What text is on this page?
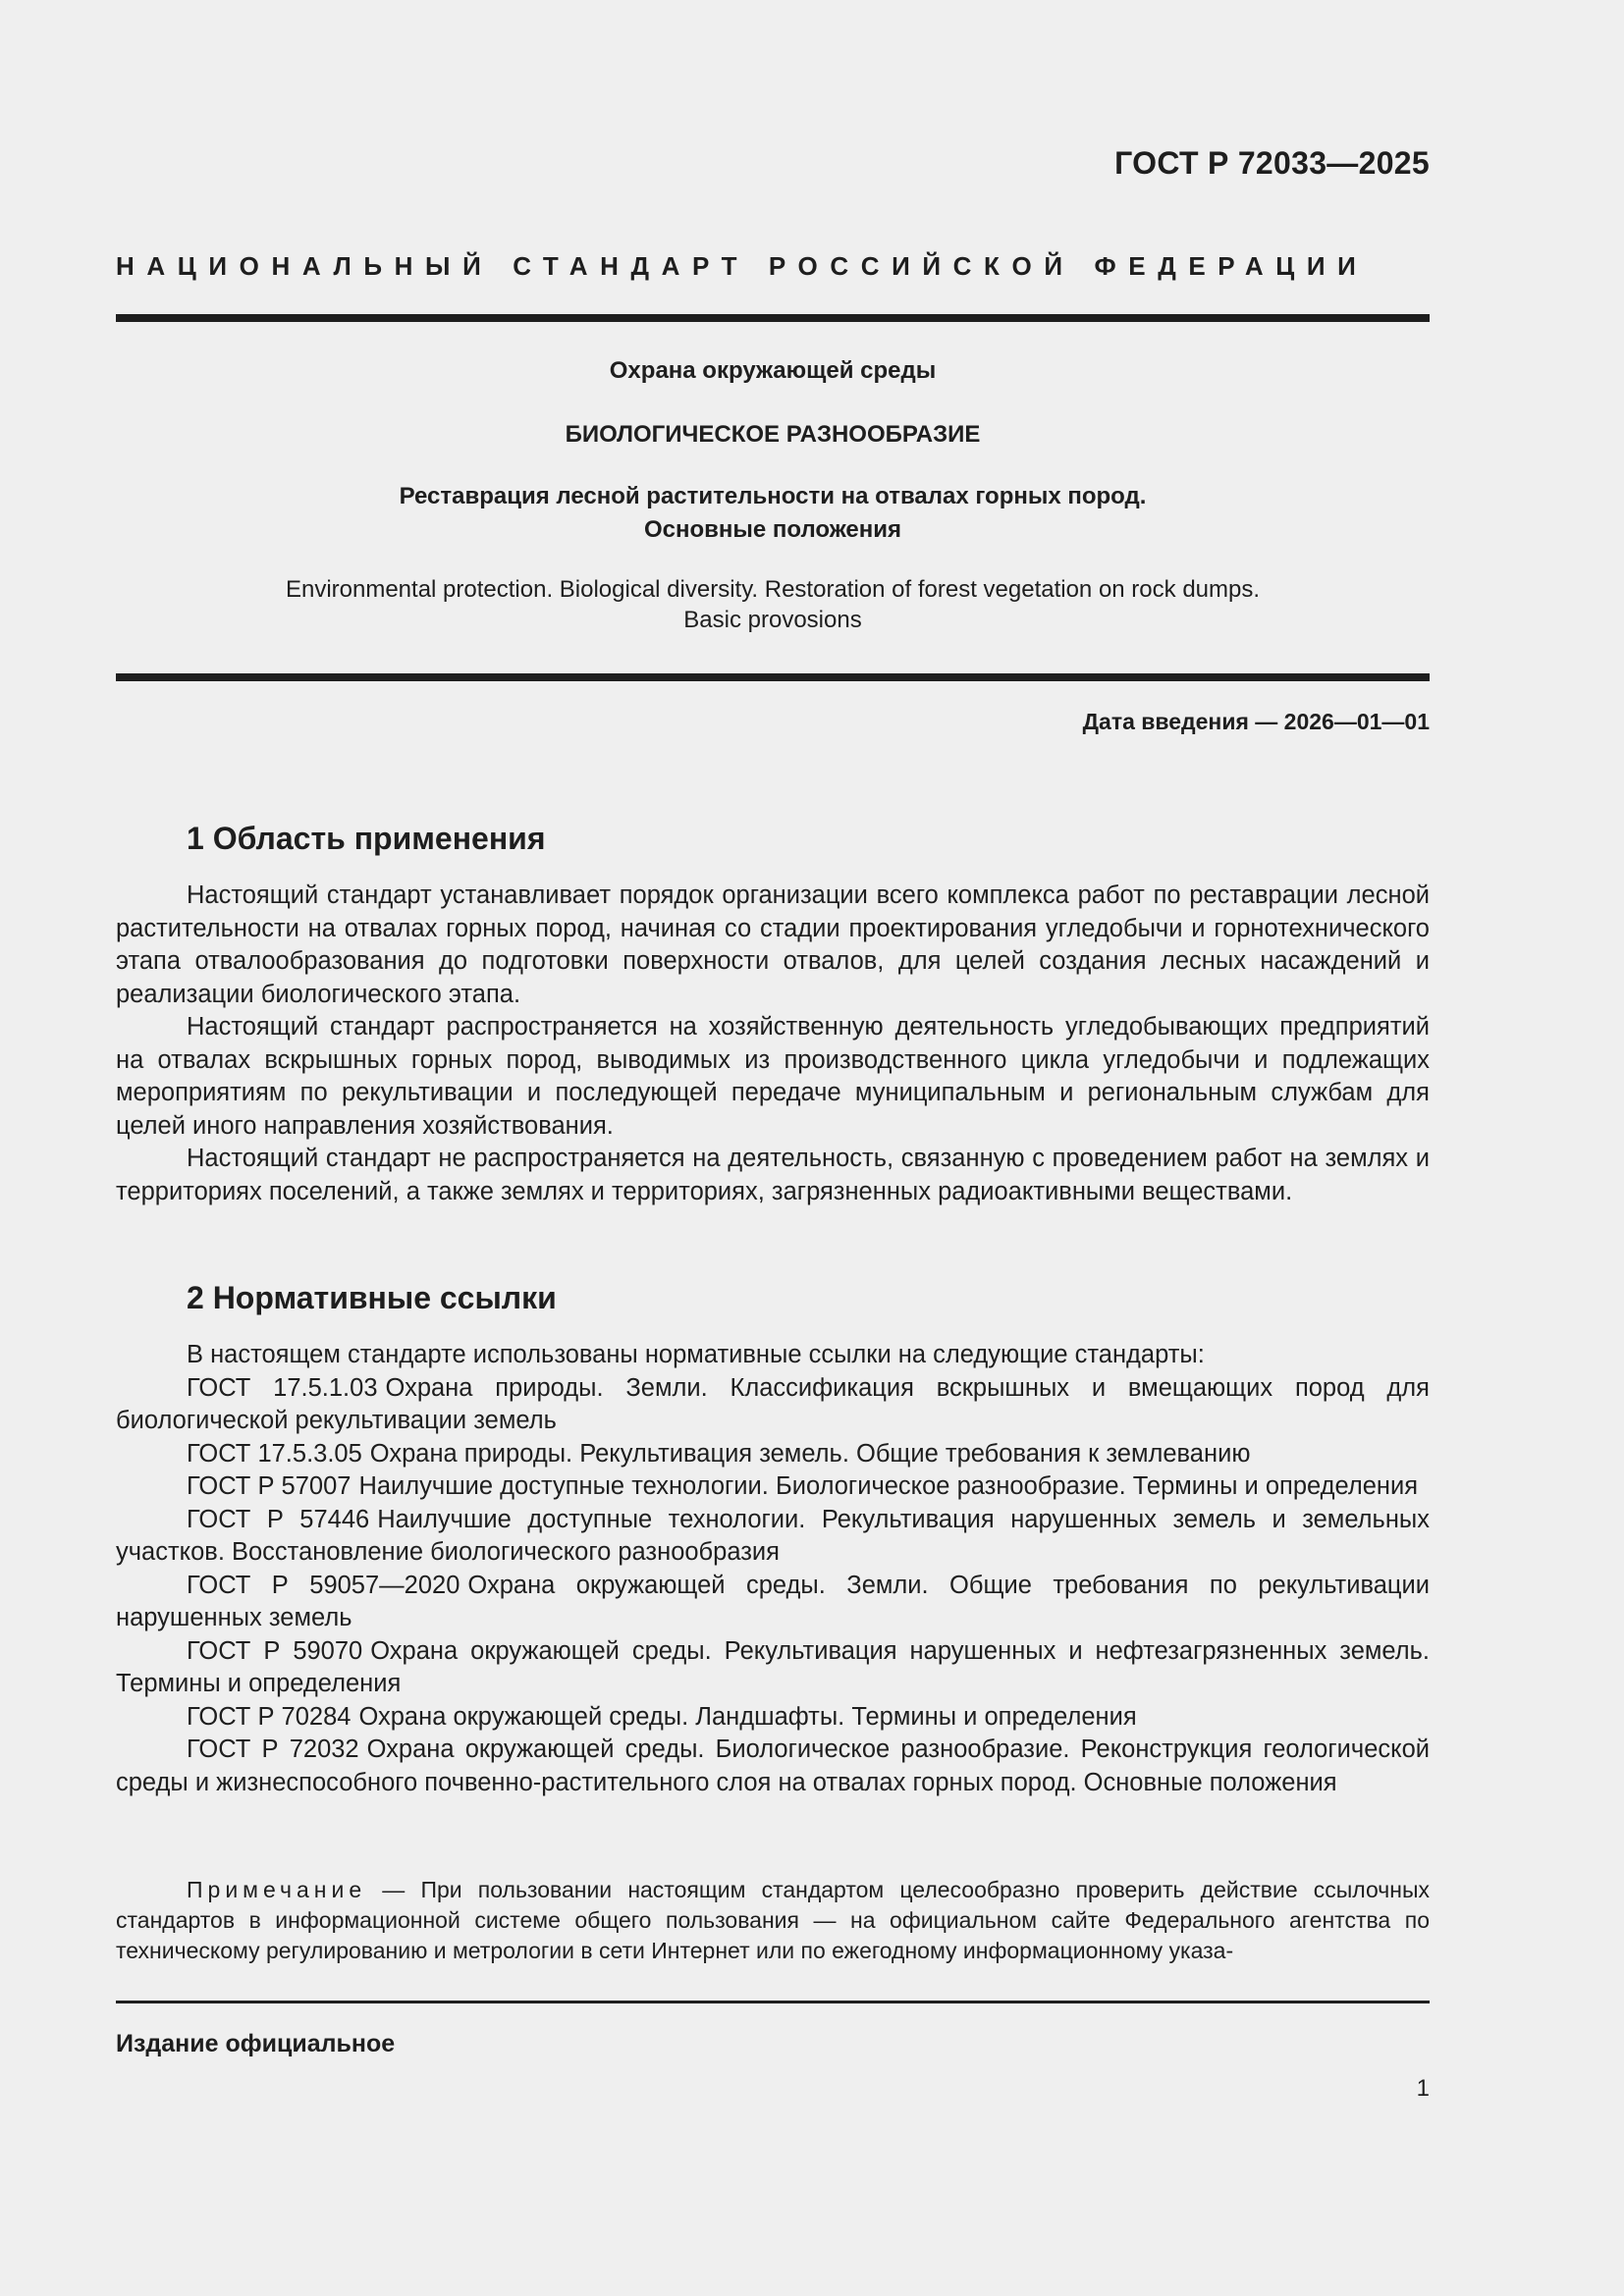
ГОСТ Р 72033—2025
НАЦИОНАЛЬНЫЙ СТАНДАРТ РОССИЙСКОЙ ФЕДЕРАЦИИ
Охрана окружающей среды
БИОЛОГИЧЕСКОЕ РАЗНООБРАЗИЕ
Реставрация лесной растительности на отвалах горных пород.
Основные положения
Environmental protection. Biological diversity. Restoration of forest vegetation on rock dumps.
Basic provosions
Дата введения — 2026—01—01
1 Область применения

Настоящий стандарт устанавливает порядок организации всего комплекса работ по реставрации лесной растительности на отвалах горных пород, начиная со стадии проектирования угледобычи и горнотехнического этапа отвалообразования до подготовки поверхности отвалов, для целей создания лесных насаждений и реализации биологического этапа.

Настоящий стандарт распространяется на хозяйственную деятельность угледобывающих предприятий на отвалах вскрышных горных пород, выводимых из производственного цикла угледобычи и подлежащих мероприятиям по рекультивации и последующей передаче муниципальным и региональным службам для целей иного направления хозяйствования.

Настоящий стандарт не распространяется на деятельность, связанную с проведением работ на землях и территориях поселений, а также землях и территориях, загрязненных радиоактивными веществами.

2 Нормативные ссылки

В настоящем стандарте использованы нормативные ссылки на следующие стандарты:

ГОСТ 17.5.1.03 Охрана природы. Земли. Классификация вскрышных и вмещающих пород для биологической рекультивации земель

ГОСТ 17.5.3.05 Охрана природы. Рекультивация земель. Общие требования к землеванию

ГОСТ Р 57007 Наилучшие доступные технологии. Биологическое разнообразие. Термины и определения

ГОСТ Р 57446 Наилучшие доступные технологии. Рекультивация нарушенных земель и земельных участков. Восстановление биологического разнообразия

ГОСТ Р 59057—2020 Охрана окружающей среды. Земли. Общие требования по рекультивации нарушенных земель

ГОСТ Р 59070 Охрана окружающей среды. Рекультивация нарушенных и нефтезагрязненных земель. Термины и определения

ГОСТ Р 70284 Охрана окружающей среды. Ландшафты. Термины и определения

ГОСТ Р 72032 Охрана окружающей среды. Биологическое разнообразие. Реконструкция геологической среды и жизнеспособного почвенно-растительного слоя на отвалах горных пород. Основные положения

Примечание — При пользовании настоящим стандартом целесообразно проверить действие ссылочных стандартов в информационной системе общего пользования — на официальном сайте Федерального агентства по техническому регулированию и метрологии в сети Интернет или по ежегодному информационному указа-

Издание официальное
1
